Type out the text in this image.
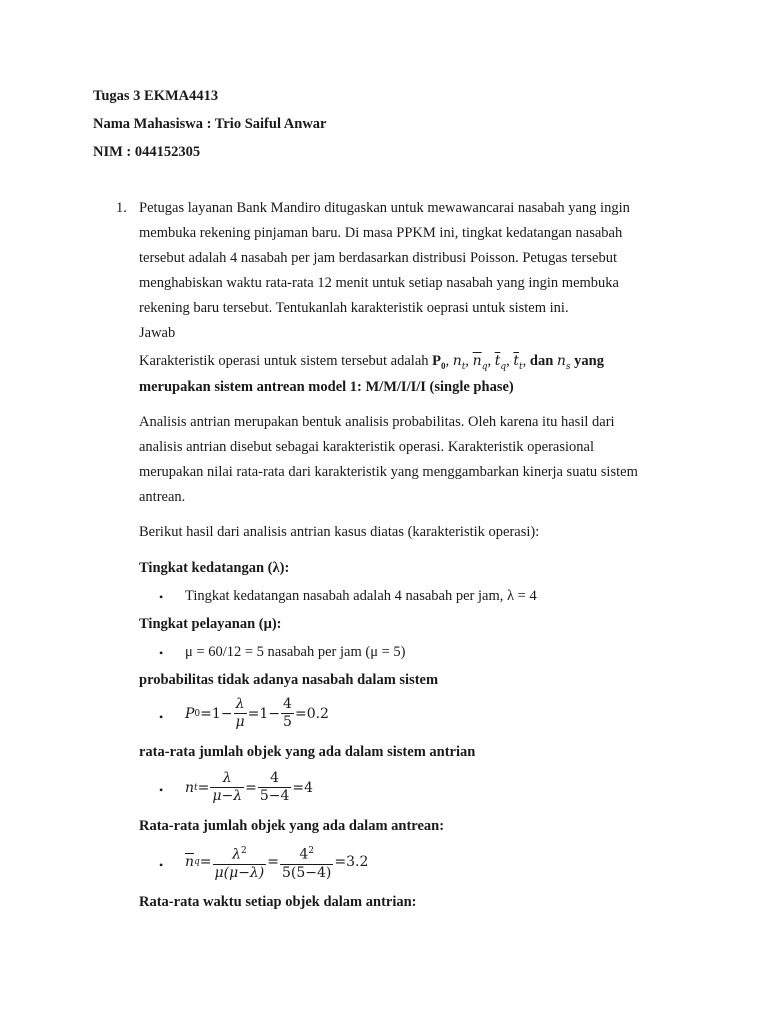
Tugas 3 EKMA4413
Nama Mahasiswa : Trio Saiful Anwar
NIM : 044152305
1. Petugas layanan Bank Mandiro ditugaskan untuk mewawancarai nasabah yang ingin
membuka rekening pinjaman baru. Di masa PPKM ini, tingkat kedatangan nasabah
tersebut adalah 4 nasabah per jam berdasarkan distribusi Poisson. Petugas tersebut
menghabiskan waktu rata-rata 12 menit untuk setiap nasabah yang ingin membuka
rekening baru tersebut. Tentukanlah karakteristik oeprasi untuk sistem ini.
Jawab
Karakteristik operasi untuk sistem tersebut adalah $P_0$, $n_t$, $\overline{n}_q$, $\overline{t}_q$, $\overline{t}_t$, dan $n_s$ yang
merupakan sistem antrean model 1: M/M/I/I/I (single phase)
Analisis antrian merupakan bentuk analisis probabilitas. Oleh karena itu hasil dari
analisis antrian disebut sebagai karakteristik operasi. Karakteristik operasional
merupakan nilai rata-rata dari karakteristik yang menggambarkan kinerja suatu sistem
antrean.
Berikut hasil dari analisis antrian kasus diatas (karakteristik operasi):
Tingkat kedatangan (λ):
• Tingkat kedatangan nasabah adalah 4 nasabah per jam, λ = 4
Tingkat pelayanan (μ):
• μ = 60/12 = 5 nasabah per jam (μ = 5)
probabilitas tidak adanya nasabah dalam sistem
• P $0 = 1 - \frac{\lambda}{\mu} = 1 - \frac{4}{5} = 0.2$
rata-rata jumlah objek yang ada dalam sistem antrian
• n $t = \frac{\lambda}{\mu-\lambda} = \frac{4}{5-4} = 4$
Rata-rata jumlah objek yang ada dalam antrean:
• $\overline{n}$ $q = \frac{\lambda^2}{\mu(\mu-\lambda)} = \frac{4^2}{5(5-4)} = 3.2$
Rata-rata waktu setiap objek dalam antrian:
